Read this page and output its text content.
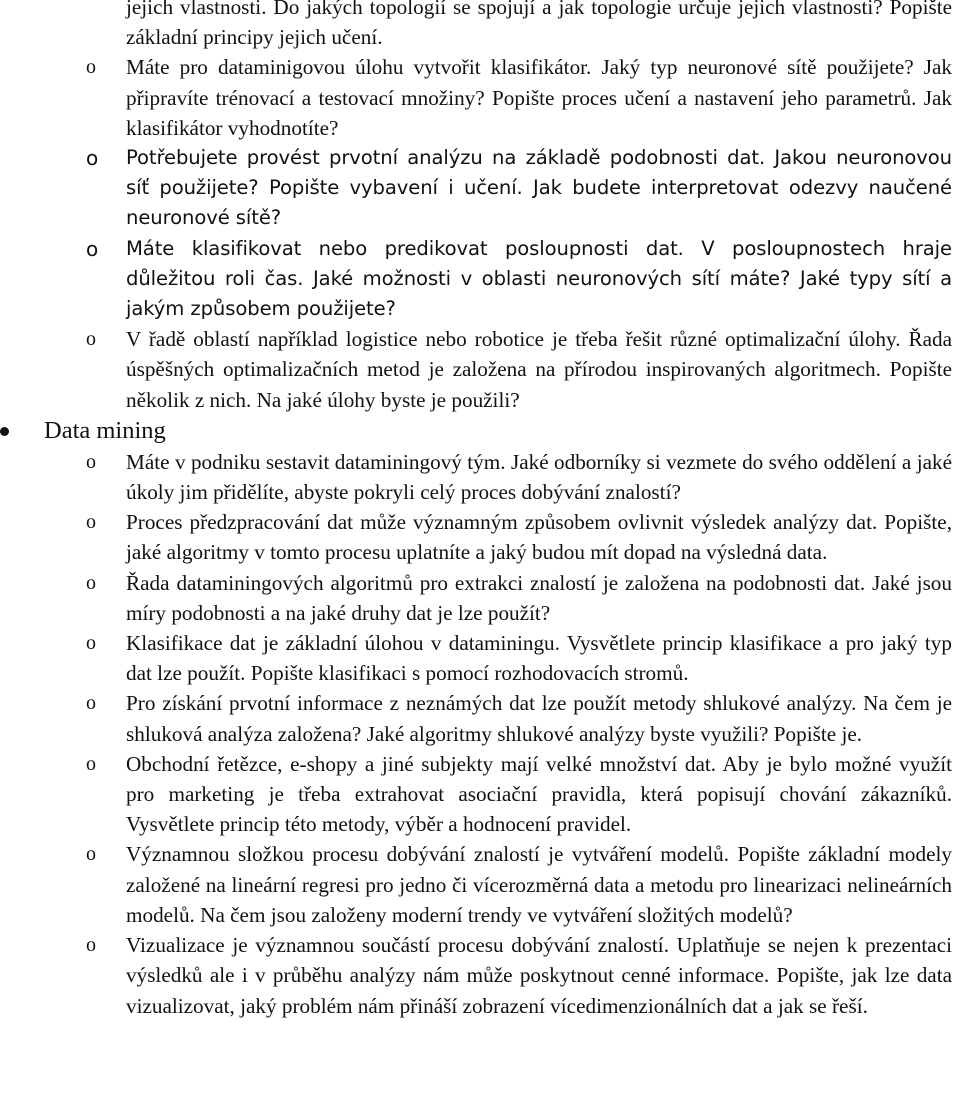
jejich vlastnosti. Do jakých topologií se spojují a jak topologie určuje jejich vlastnosti? Popište základní principy jejich učení.
o Máte pro dataminigovou úlohu vytvořit klasifikátor. Jaký typ neuronové sítě použijete? Jak připravíte trénovací a testovací množiny? Popište proces učení a nastavení jeho parametrů. Jak klasifikátor vyhodnotíte?
o Potřebujete provést prvotní analýzu na základě podobnosti dat. Jakou neuronovou síť použijete? Popište vybavení i učení. Jak budete interpretovat odezvy naučené neuronové sítě?
o Máte klasifikovat nebo predikovat posloupnosti dat. V posloupnostech hraje důležitou roli čas. Jaké možnosti v oblasti neuronových sítí máte? Jaké typy sítí a jakým způsobem použijete?
o V řadě oblastí například logistice nebo robotice je třeba řešit různé optimalizační úlohy. Řada úspěšných optimalizačních metod je založena na přírodou inspirovaných algoritmech. Popište několik z nich. Na jaké úlohy byste je použili?
Data mining
o Máte v podniku sestavit dataminingový tým. Jaké odborníky si vezmete do svého oddělení a jaké úkoly jim přidělíte, abyste pokryli celý proces dobývání znalostí?
o Proces předzpracování dat může významným způsobem ovlivnit výsledek analýzy dat. Popište, jaké algoritmy v tomto procesu uplatníte a jaký budou mít dopad na výsledná data.
o Řada dataminingových algoritmů pro extrakci znalostí je založena na podobnosti dat. Jaké jsou míry podobnosti a na jaké druhy dat je lze použít?
o Klasifikace dat je základní úlohou v dataminingu. Vysvětlete princip klasifikace a pro jaký typ dat lze použít. Popište klasifikaci s pomocí rozhodovacích stromů.
o Pro získání prvotní informace z neznámých dat lze použít metody shlukové analýzy. Na čem je shluková analýza založena? Jaké algoritmy shlukové analýzy byste využili? Popište je.
o Obchodní řetězce, e-shopy a jiné subjekty mají velké množství dat. Aby je bylo možné využít pro marketing je třeba extrahovat asociační pravidla, která popisují chování zákazníků. Vysvětlete princip této metody, výběr a hodnocení pravidel.
o Významnou složkou procesu dobývání znalostí je vytváření modelů. Popište základní modely založené na lineární regresi pro jedno či vícerozměrná data a metodu pro linearizaci nelineárních modelů. Na čem jsou založeny moderní trendy ve vytváření složitých modelů?
o Vizualizace je významnou součástí procesu dobývání znalostí. Uplatňuje se nejen k prezentaci výsledků ale i v průběhu analýzy nám může poskytnout cenné informace. Popište, jak lze data vizualizovat, jaký problém nám přináší zobrazení vícedimenzionálních dat a jak se řeší.
